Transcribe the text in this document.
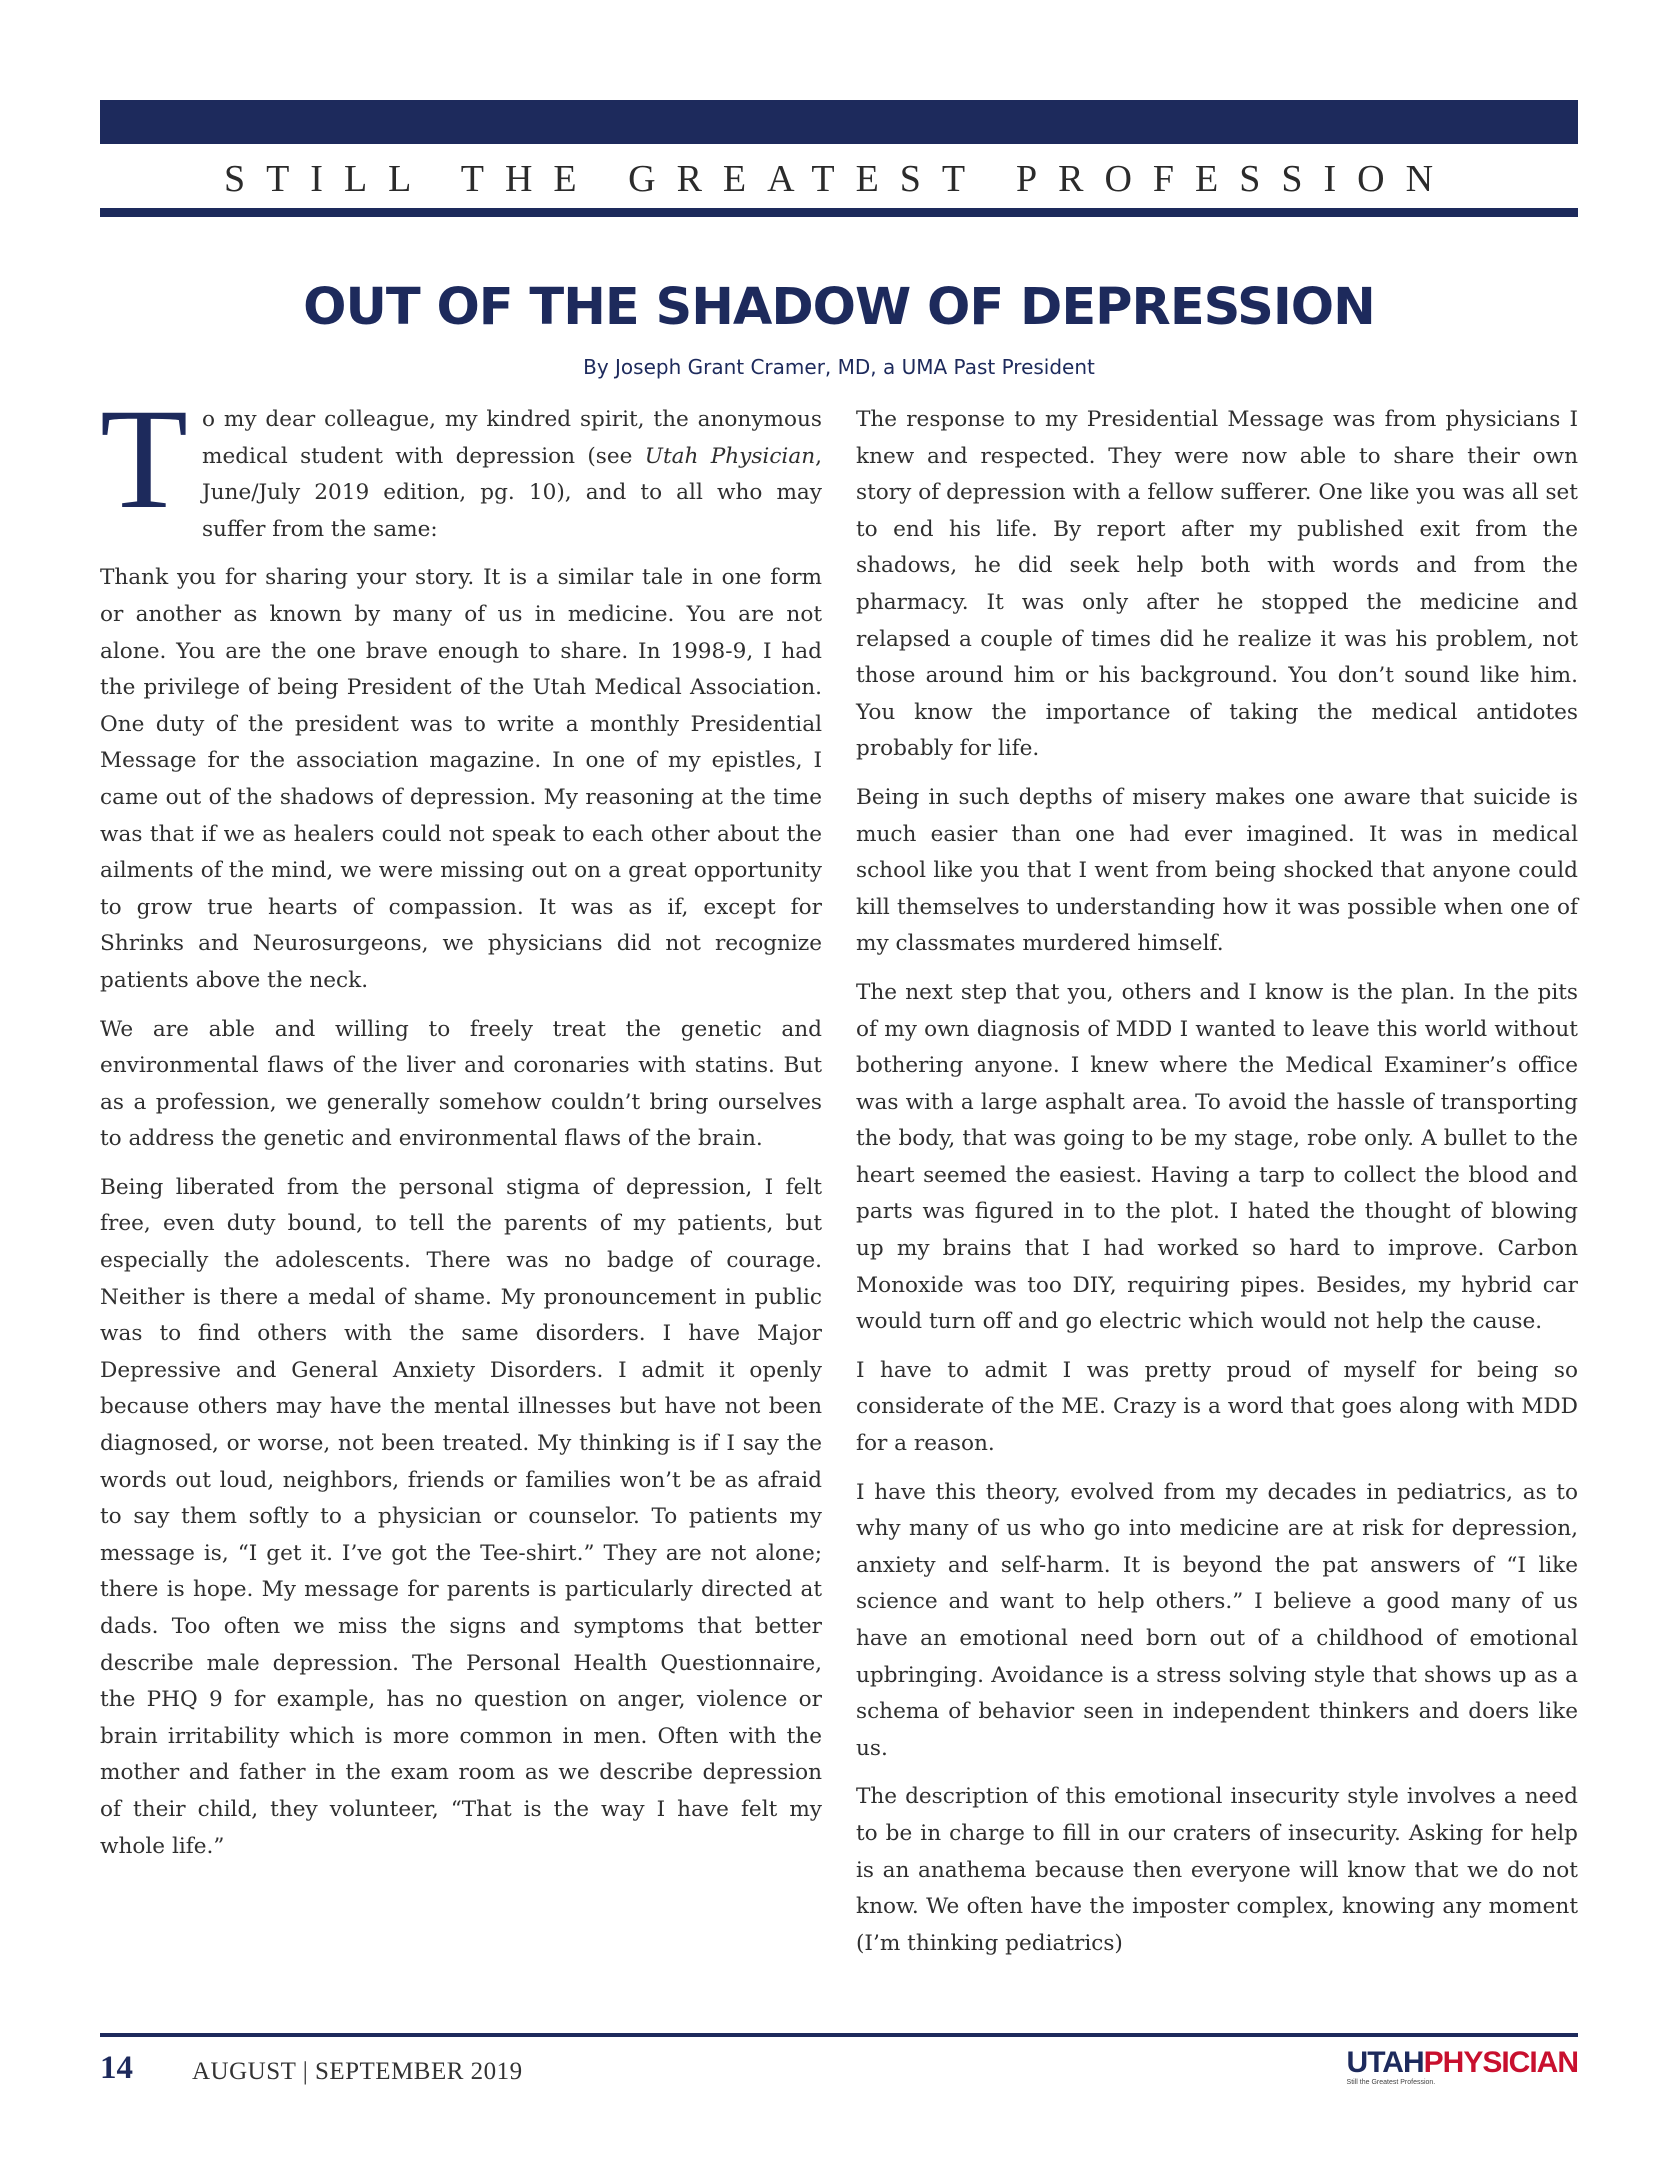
STILL THE GREATEST PROFESSION
OUT OF THE SHADOW OF DEPRESSION
By Joseph Grant Cramer, MD, a UMA Past President

To my dear colleague, my kindred spirit, the anonymous medical student with depression (see Utah Physician, June/July 2019 edition, pg. 10), and to all who may suffer from the same:

Thank you for sharing your story. It is a similar tale in one form or another as known by many of us in medicine. You are not alone. You are the one brave enough to share. In 1998-9, I had the privilege of being President of the Utah Medical Association. One duty of the president was to write a monthly Presidential Message for the association magazine. In one of my epistles, I came out of the shadows of depression. My reasoning at the time was that if we as healers could not speak to each other about the ailments of the mind, we were missing out on a great opportunity to grow true hearts of compassion. It was as if, except for Shrinks and Neurosurgeons, we physicians did not recognize patients above the neck.

We are able and willing to freely treat the genetic and environmental flaws of the liver and coronaries with statins. But as a profession, we generally somehow couldn’t bring ourselves to address the genetic and environmental flaws of the brain.

Being liberated from the personal stigma of depression, I felt free, even duty bound, to tell the parents of my patients, but especially the adolescents. There was no badge of courage. Neither is there a medal of shame. My pronouncement in public was to find others with the same disorders. I have Major Depressive and General Anxiety Disorders. I admit it openly because others may have the mental illnesses but have not been diagnosed, or worse, not been treated. My thinking is if I say the words out loud, neighbors, friends or families won’t be as afraid to say them softly to a physician or counselor. To patients my message is, “I get it. I’ve got the Tee-shirt.” They are not alone; there is hope. My message for parents is particularly directed at dads. Too often we miss the signs and symptoms that better describe male depression. The Personal Health Questionnaire, the PHQ 9 for example, has no question on anger, violence or brain irritability which is more common in men. Often with the mother and father in the exam room as we describe depression of their child, they volunteer, “That is the way I have felt my whole life.”

The response to my Presidential Message was from physicians I knew and respected. They were now able to share their own story of depression with a fellow sufferer. One like you was all set to end his life. By report after my published exit from the shadows, he did seek help both with words and from the pharmacy. It was only after he stopped the medicine and relapsed a couple of times did he realize it was his problem, not those around him or his background. You don’t sound like him. You know the importance of taking the medical antidotes probably for life.

Being in such depths of misery makes one aware that suicide is much easier than one had ever imagined. It was in medical school like you that I went from being shocked that anyone could kill themselves to understanding how it was possible when one of my classmates murdered himself.

The next step that you, others and I know is the plan. In the pits of my own diagnosis of MDD I wanted to leave this world without bothering anyone. I knew where the Medical Examiner’s office was with a large asphalt area. To avoid the hassle of transporting the body, that was going to be my stage, robe only. A bullet to the heart seemed the easiest. Having a tarp to collect the blood and parts was figured in to the plot. I hated the thought of blowing up my brains that I had worked so hard to improve. Carbon Monoxide was too DIY, requiring pipes. Besides, my hybrid car would turn off and go electric which would not help the cause.

I have to admit I was pretty proud of myself for being so considerate of the ME. Crazy is a word that goes along with MDD for a reason.

I have this theory, evolved from my decades in pediatrics, as to why many of us who go into medicine are at risk for depression, anxiety and self-harm. It is beyond the pat answers of “I like science and want to help others.” I believe a good many of us have an emotional need born out of a childhood of emotional upbringing. Avoidance is a stress solving style that shows up as a schema of behavior seen in independent thinkers and doers like us.

The description of this emotional insecurity style involves a need to be in charge to fill in our craters of insecurity. Asking for help is an anathema because then everyone will know that we do not know. We often have the imposter complex, knowing any moment (I’m thinking pediatrics)

14 AUGUST | SEPTEMBER 2019	UTAHPHYSICIAN
Still the Greatest Profession.
